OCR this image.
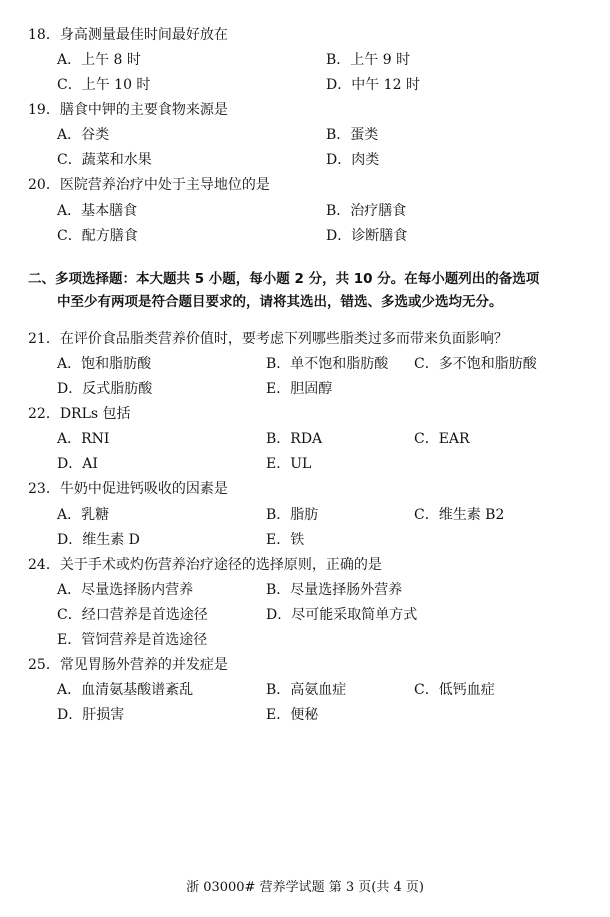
18．身高测量最佳时间最好放在
A．上午 8 时	B．上午 9 时
C．上午 10 时	D．中午 12 时
19．膳食中钾的主要食物来源是
A．谷类	B．蛋类
C．蔬菜和水果	D．肉类
20．医院营养治疗中处于主导地位的是
A．基本膳食	B．治疗膳食
C．配方膳食	D．诊断膳食
二、多项选择题：本大题共 5 小题，每小题 2 分，共 10 分。在每小题列出的备选项
中至少有两项是符合题目要求的，请将其选出，错选、多选或少选均无分。
21．在评价食品脂类营养价值时，要考虑下列哪些脂类过多而带来负面影响？
A．饱和脂肪酸	B．单不饱和脂肪酸 C．多不饱和脂肪酸
D．反式脂肪酸	E．胆固醇
22．DRLs 包括
A．RNI	B．RDA	C．EAR
D．AI	E．UL
23．牛奶中促进钙吸收的因素是
A．乳糖	B．脂肪	C．维生素 B2
D．维生素 D	E．铁
24．关于手术或灼伤营养治疗途径的选择原则，正确的是
A．尽量选择肠内营养	B．尽量选择肠外营养
C．经口营养是首选途径	D．尽可能采取简单方式
E．管饲营养是首选途径
25．常见胃肠外营养的并发症是
A．血清氨基酸谱紊乱	B．高氨血症	C．低钙血症
D．肝损害	E．便秘
浙 03000# 营养学试题 第 3 页(共 4 页)
